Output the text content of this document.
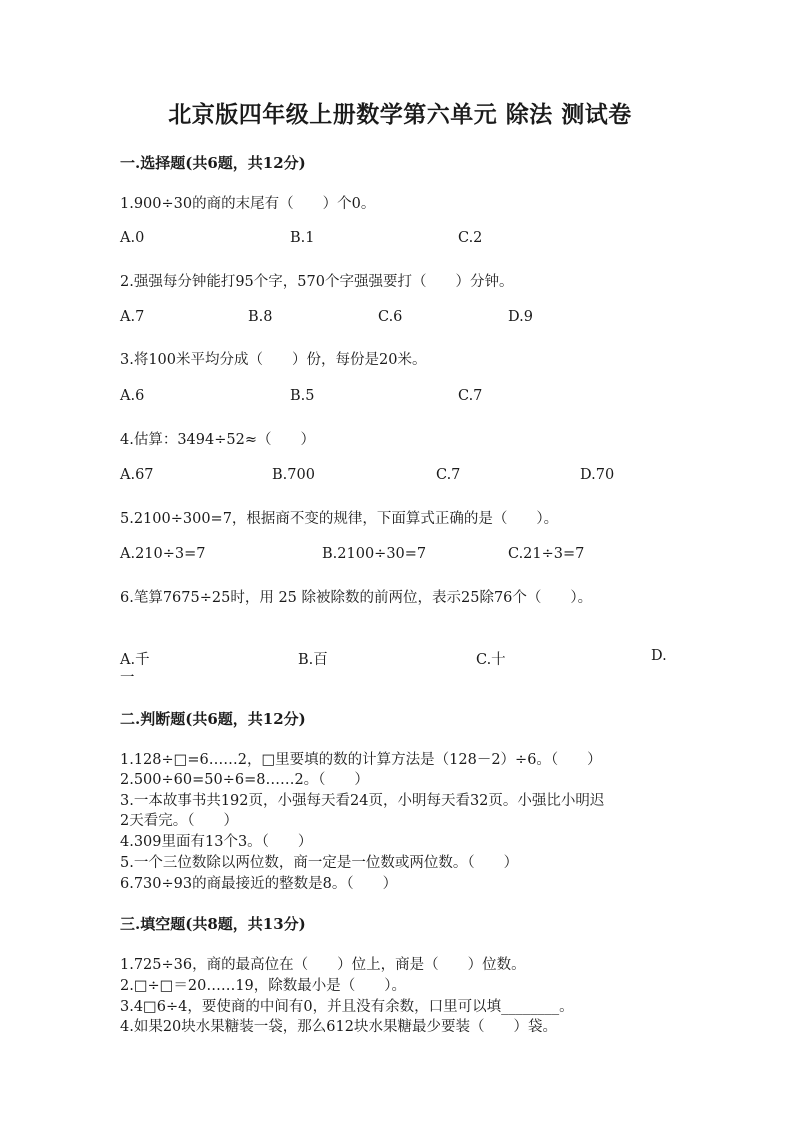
北京版四年级上册数学第六单元 除法 测试卷
一.选择题(共6题，共12分)
1.900÷30的商的末尾有（　　）个0。
A.0	B.1	C.2
2.强强每分钟能打95个字，570个字强强要打（　　）分钟。
A.7	B.8	C.6	D.9
3.将100米平均分成（　　）份，每份是20米。
A.6	B.5	C.7
4.估算：3494÷52≈（　　）
A.67	B.700	C.7	D.70
5.2100÷300=7，根据商不变的规律，下面算式正确的是（　　）。
A.210÷3=7	B.2100÷30=7	C.21÷3=7
6.笔算7675÷25时，用 25 除被除数的前两位，表示25除76个（　　）。
A.千	B.百	C.十	D.
一
二.判断题(共6题，共12分)
1.128÷□=6……2，□里要填的数的计算方法是（128－2）÷6。（　　）
2.500÷60=50÷6=8……2。（　　）
3.一本故事书共192页，小强每天看24页，小明每天看32页。小强比小明迟
2天看完。（　　）
4.309里面有13个3。（　　）
5.一个三位数除以两位数，商一定是一位数或两位数。（　　）
6.730÷93的商最接近的整数是8。（　　）
三.填空题(共8题，共13分)
1.725÷36，商的最高位在（　　）位上，商是（　　）位数。
2.□÷□＝20……19，除数最小是（　　）。
3.4□6÷4，要使商的中间有0，并且没有余数，口里可以填________。
4.如果20块水果糖装一袋，那么612块水果糖最少要装（　　）袋。
